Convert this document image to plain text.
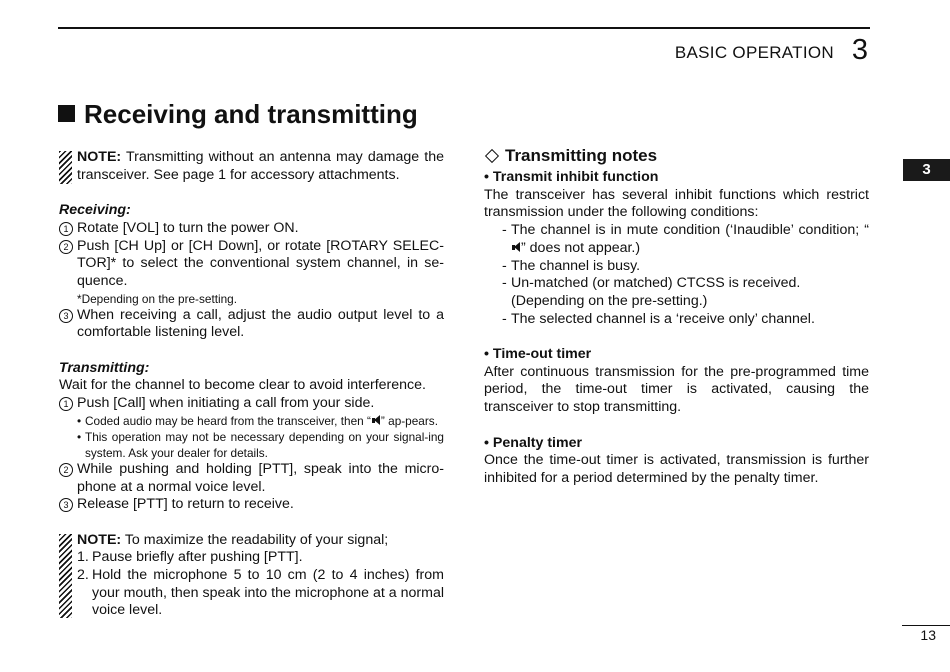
BASIC OPERATION 3
3
Receiving and transmitting
NOTE: Transmitting without an antenna may damage the transceiver. See page 1 for accessory attachments.
Receiving:
1 Rotate [VOL] to turn the power ON.
2 Push [CH Up] or [CH Down], or rotate [ROTARY SELEC-TOR]* to select the conventional system channel, in se-quence.
*Depending on the pre-setting.
3 When receiving a call, adjust the audio output level to a comfortable listening level.
Transmitting:
Wait for the channel to become clear to avoid interference.
1 Push [Call] when initiating a call from your side.
• Coded audio may be heard from the transceiver, then “ ” ap-pears.
• This operation may not be necessary depending on your signal-ing system. Ask your dealer for details.
2 While pushing and holding [PTT], speak into the micro-phone at a normal voice level.
3 Release [PTT] to return to receive.
NOTE: To maximize the readability of your signal;
1. Pause briefly after pushing [PTT].
2. Hold the microphone 5 to 10 cm (2 to 4 inches) from your mouth, then speak into the microphone at a normal voice level.
Transmitting notes
• Transmit inhibit function
The transceiver has several inhibit functions which restrict transmission under the following conditions:
- The channel is in mute condition (‘Inaudible’ condition; “” does not appear.)
- The channel is busy.
- Un-matched (or matched) CTCSS is received. (Depending on the pre-setting.)
- The selected channel is a ‘receive only’ channel.
• Time-out timer
After continuous transmission for the pre-programmed time period, the time-out timer is activated, causing the transceiver to stop transmitting.
• Penalty timer
Once the time-out timer is activated, transmission is further inhibited for a period determined by the penalty timer.
13
